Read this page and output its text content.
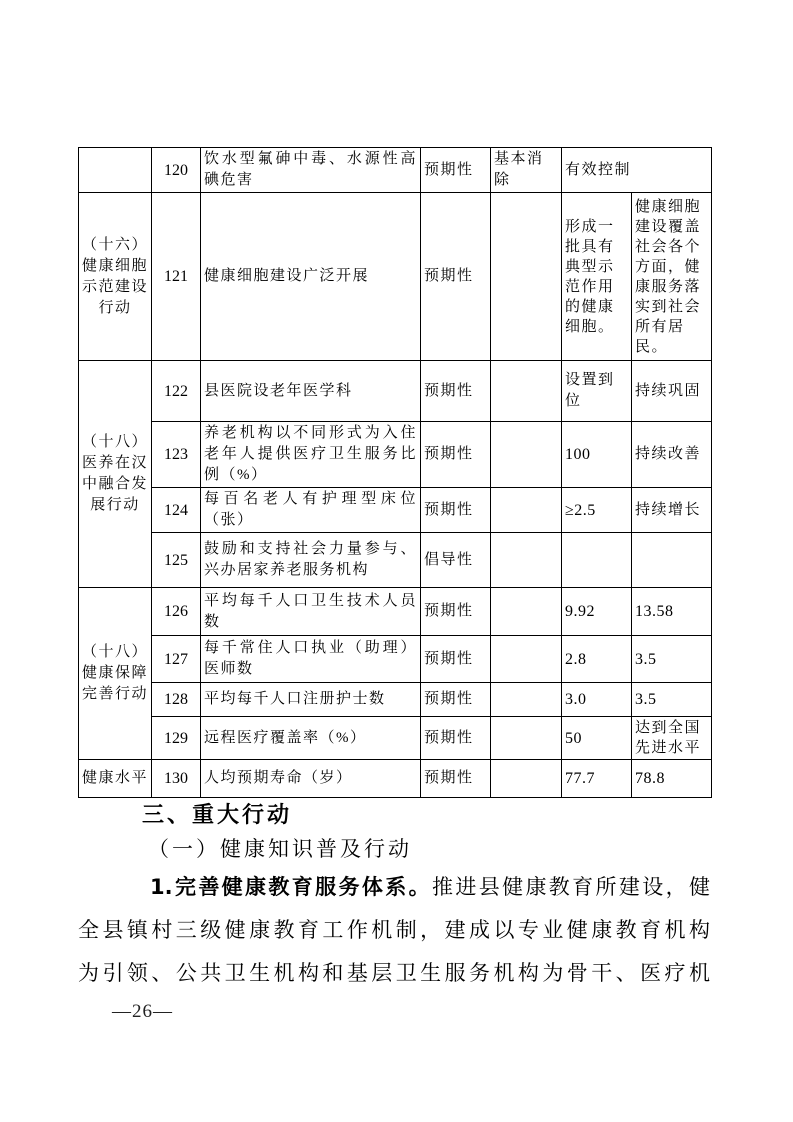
	120	饮水型氟砷中毒、水源性高碘危害	预期性	基本消除	有效控制	
（十六）健康细胞示范建设行动	121	健康细胞建设广泛开展	预期性		形成一批具有典型示范作用的健康细胞。	健康细胞建设覆盖社会各个方面，健康服务落实到社会所有居民。
（十八）医养在汉中融合发展行动	122	县医院设老年医学科	预期性		设置到位	持续巩固
	123	养老机构以不同形式为入住老年人提供医疗卫生服务比例（%）	预期性		100	持续改善
	124	每百名老人有护理型床位（张）	预期性		≥2.5	持续增长
	125	鼓励和支持社会力量参与、兴办居家养老服务机构	倡导性			
（十八）健康保障完善行动	126	平均每千人口卫生技术人员数	预期性		9.92	13.58
	127	每千常住人口执业（助理）医师数	预期性		2.8	3.5
	128	平均每千人口注册护士数	预期性		3.0	3.5
	129	远程医疗覆盖率（%）	预期性		50	达到全国先进水平
健康水平	130	人均预期寿命（岁）	预期性		77.7	78.8
三、重大行动
（一）健康知识普及行动
1.完善健康教育服务体系。推进县健康教育所建设，健
全县镇村三级健康教育工作机制，建成以专业健康教育机构
为引领、公共卫生机构和基层卫生服务机构为骨干、医疗机
—26—
